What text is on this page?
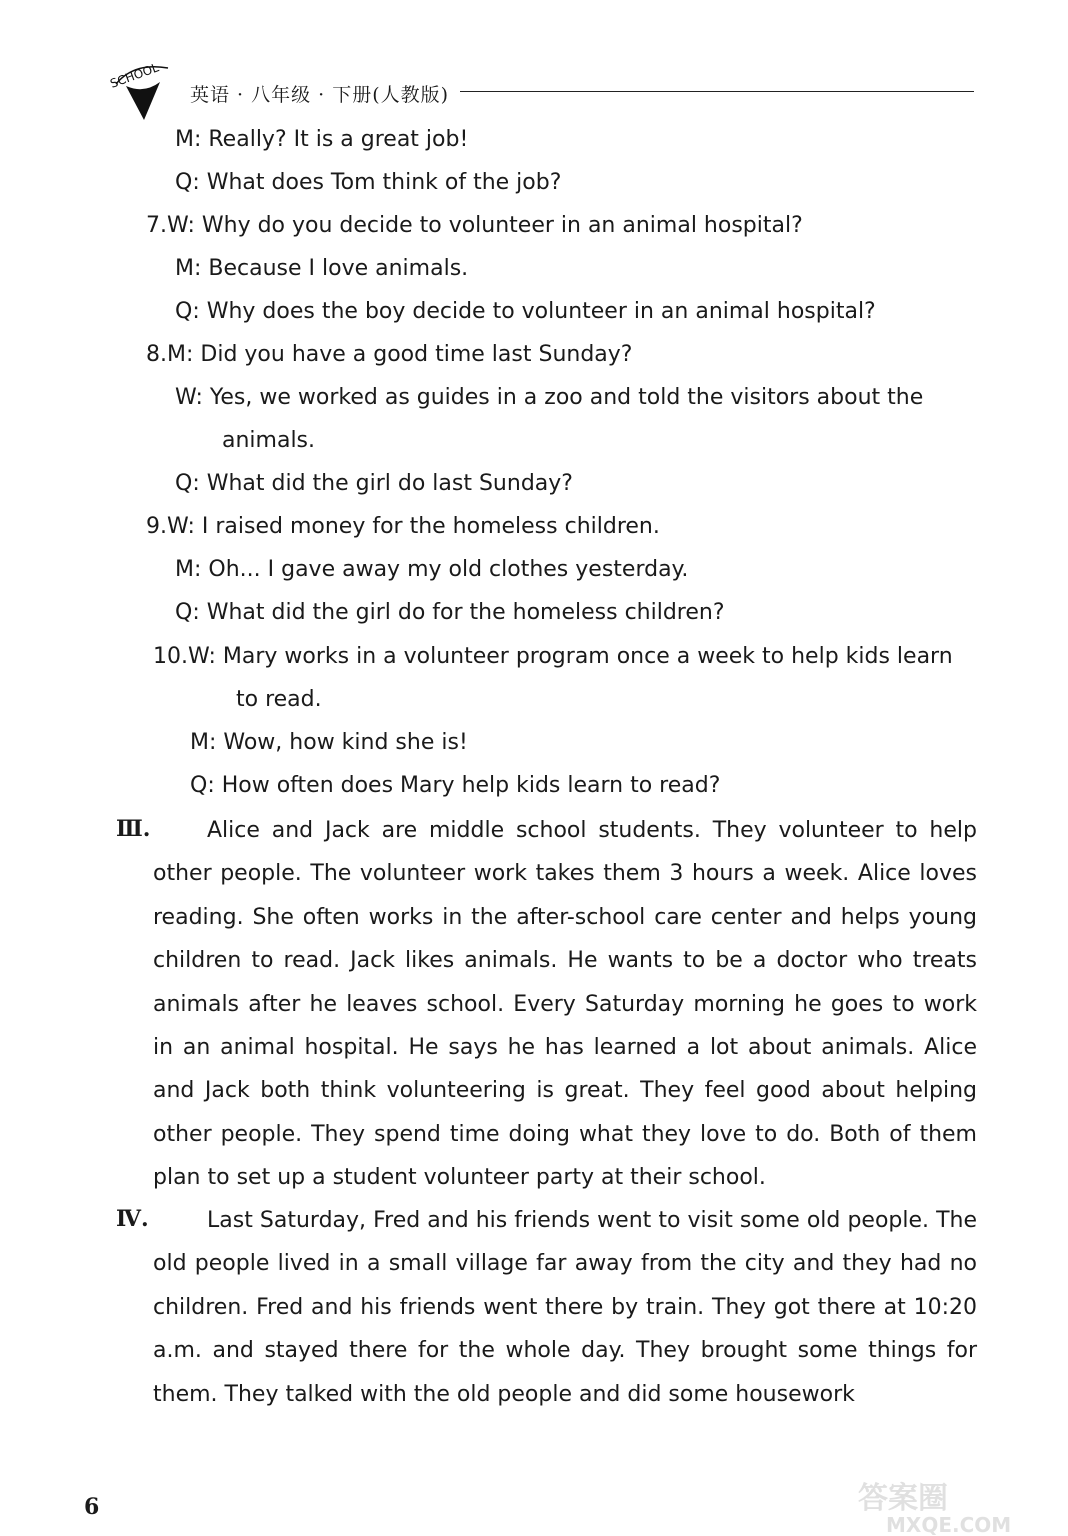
SCHOOL
英语 · 八年级 · 下册(人教版)
M: Really? It is a great job!
Q: What does Tom think of the job?
7.W: Why do you decide to volunteer in an animal hospital?
M: Because I love animals.
Q: Why does the boy decide to volunteer in an animal hospital?
8.M: Did you have a good time last Sunday?
W: Yes, we worked as guides in a zoo and told the visitors about the
animals.
Q: What did the girl do last Sunday?
9.W: I raised money for the homeless children.
M: Oh... I gave away my old clothes yesterday.
Q: What did the girl do for the homeless children?
10.W: Mary works in a volunteer program once a week to help kids learn
to read.
M: Wow, how kind she is!
Q: How often does Mary help kids learn to read?
Ⅲ.	Alice and Jack are middle school students. They volunteer to help other people. The volunteer work takes them 3 hours a week. Alice loves reading. She often works in the after-school care center and helps young children to read. Jack likes animals. He wants to be a doctor who treats animals after he leaves school. Every Saturday morning he goes to work in an animal hospital. He says he has learned a lot about animals. Alice and Jack both think volunteering is great. They feel good about helping other people. They spend time doing what they love to do. Both of them plan to set up a student volunteer party at their school.
Ⅳ.	Last Saturday, Fred and his friends went to visit some old people. The old people lived in a small village far away from the city and they had no children. Fred and his friends went there by train. They got there at 10:20 a.m. and stayed there for the whole day. They brought some things for them. They talked with the old people and did some housework
6	答案圈
MXQE.COM
